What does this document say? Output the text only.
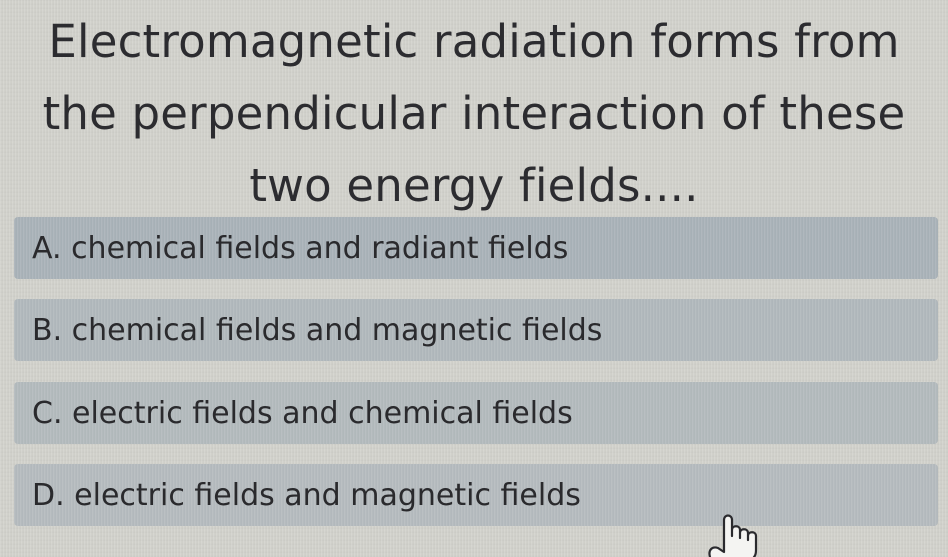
Electromagnetic radiation forms from
the perpendicular interaction of these
two energy fields....
A. chemical fields and radiant fields
B. chemical fields and magnetic fields
C. electric fields and chemical fields
D. electric fields and magnetic fields
